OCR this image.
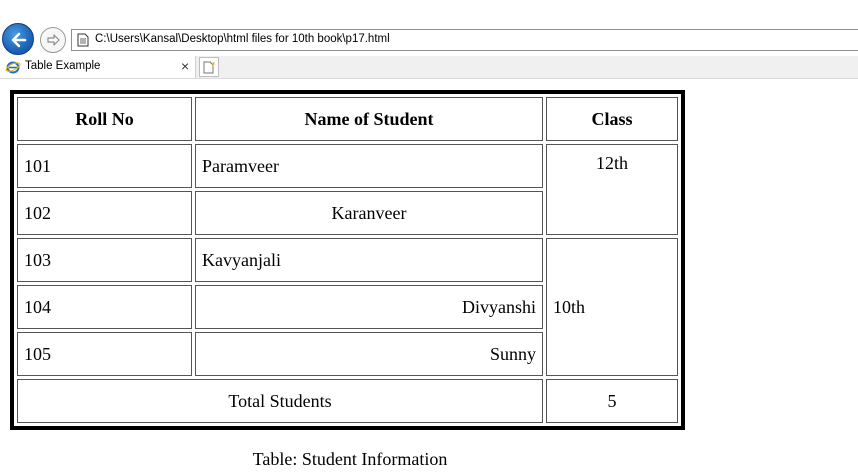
C:\Users\Kansal\Desktop\html files for 10th book\p17.html
Table Example	×
Roll No	Name of Student	Class
101	Paramveer	12th
102	Karanveer	
103	Kavyanjali	10th
104	Divyanshi	
105	Sunny	
Total Students		5
Table: Student Information
